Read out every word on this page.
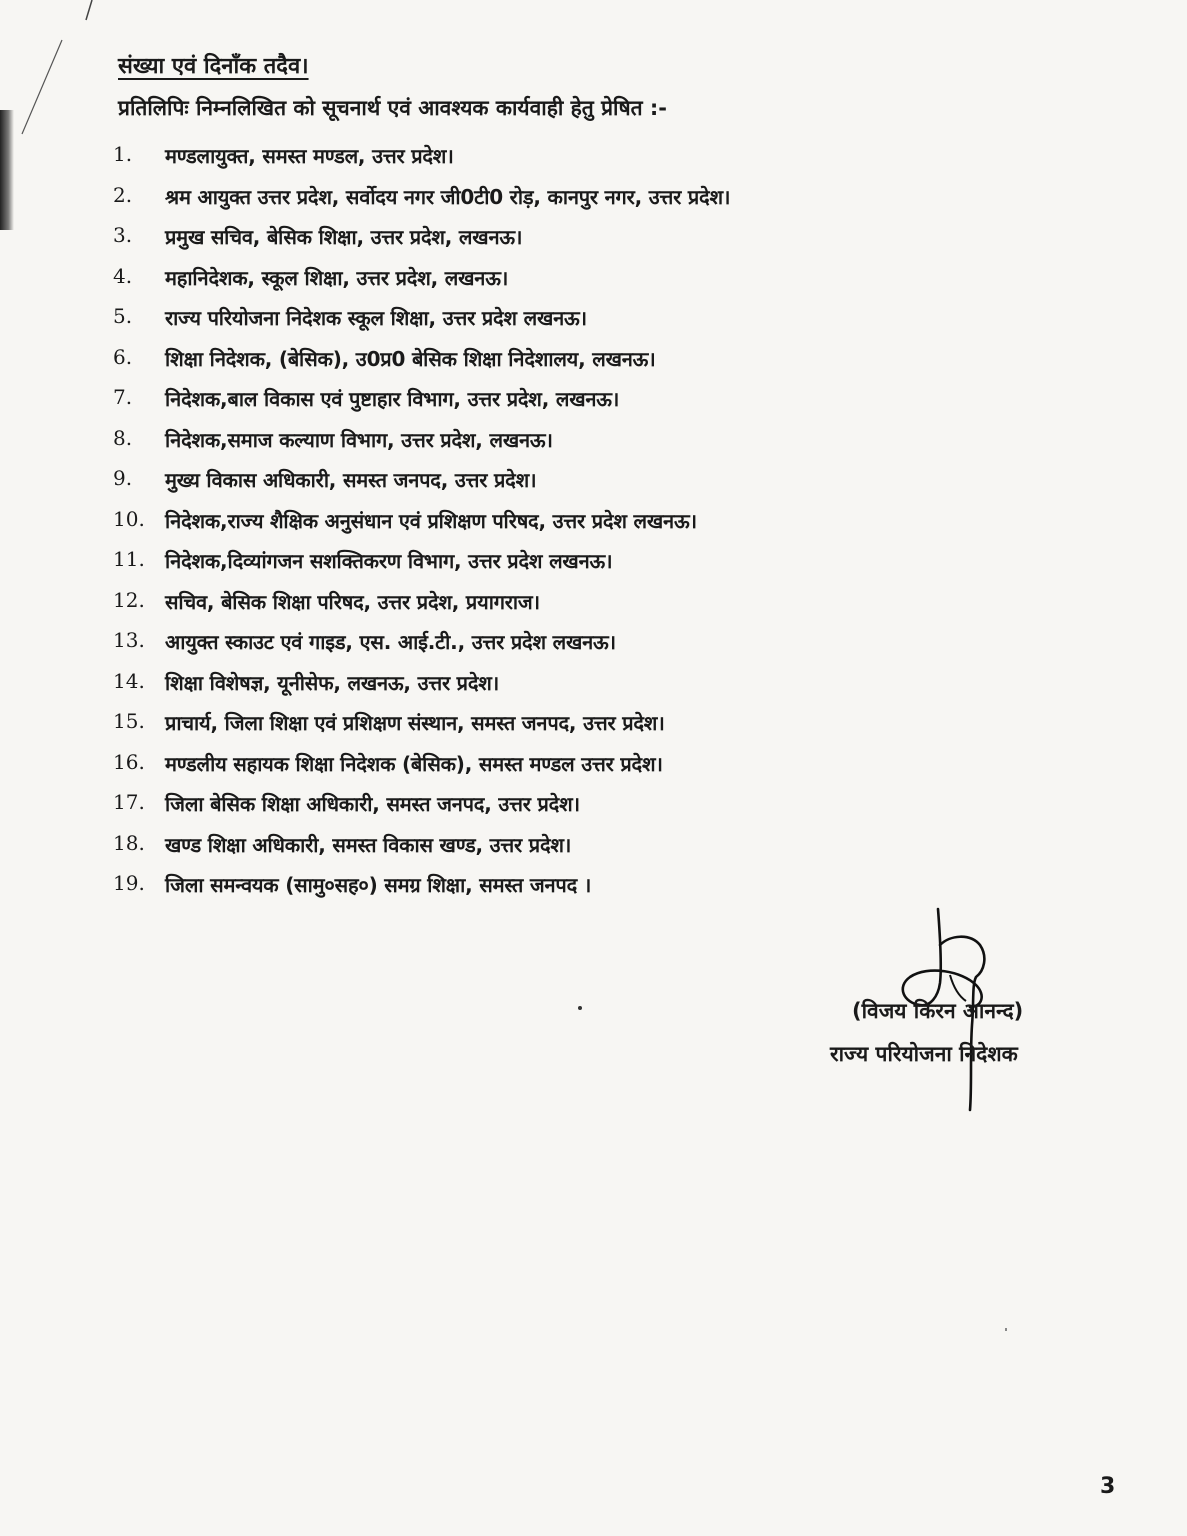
संख्या एवं दिनाँक तदैव।
प्रतिलिपिः निम्नलिखित को सूचनार्थ एवं आवश्यक कार्यवाही हेतु प्रेषित :-
1.	मण्डलायुक्त, समस्त मण्डल, उत्तर प्रदेश।
2.	श्रम आयुक्त उत्तर प्रदेश, सर्वोदय नगर जी0टी0 रोड़, कानपुर नगर, उत्तर प्रदेश।
3.	प्रमुख सचिव, बेसिक शिक्षा, उत्तर प्रदेश, लखनऊ।
4.	महानिदेशक, स्कूल शिक्षा, उत्तर प्रदेश, लखनऊ।
5.	राज्य परियोजना निदेशक स्कूल शिक्षा, उत्तर प्रदेश लखनऊ।
6.	शिक्षा निदेशक, (बेसिक), उ0प्र0 बेसिक शिक्षा निदेशालय, लखनऊ।
7.	निदेशक,बाल विकास एवं पुष्टाहार विभाग, उत्तर प्रदेश, लखनऊ।
8.	निदेशक,समाज कल्याण विभाग, उत्तर प्रदेश, लखनऊ।
9.	मुख्य विकास अधिकारी, समस्त जनपद, उत्तर प्रदेश।
10.	निदेशक,राज्य शैक्षिक अनुसंधान एवं प्रशिक्षण परिषद, उत्तर प्रदेश लखनऊ।
11.	निदेशक,दिव्यांगजन सशक्तिकरण विभाग, उत्तर प्रदेश लखनऊ।
12.	सचिव, बेसिक शिक्षा परिषद, उत्तर प्रदेश, प्रयागराज।
13.	आयुक्त स्काउट एवं गाइड, एस. आई.टी., उत्तर प्रदेश लखनऊ।
14.	शिक्षा विशेषज्ञ, यूनीसेफ, लखनऊ, उत्तर प्रदेश।
15.	प्राचार्य, जिला शिक्षा एवं प्रशिक्षण संस्थान, समस्त जनपद, उत्तर प्रदेश।
16.	मण्डलीय सहायक शिक्षा निदेशक (बेसिक), समस्त मण्डल उत्तर प्रदेश।
17.	जिला बेसिक शिक्षा अधिकारी, समस्त जनपद, उत्तर प्रदेश।
18.	खण्ड शिक्षा अधिकारी, समस्त विकास खण्ड, उत्तर प्रदेश।
19.	जिला समन्वयक (सामु०सह०) समग्र शिक्षा, समस्त जनपद ।
(विजय किरन आनन्द)
राज्य परियोजना निदेशक
3
